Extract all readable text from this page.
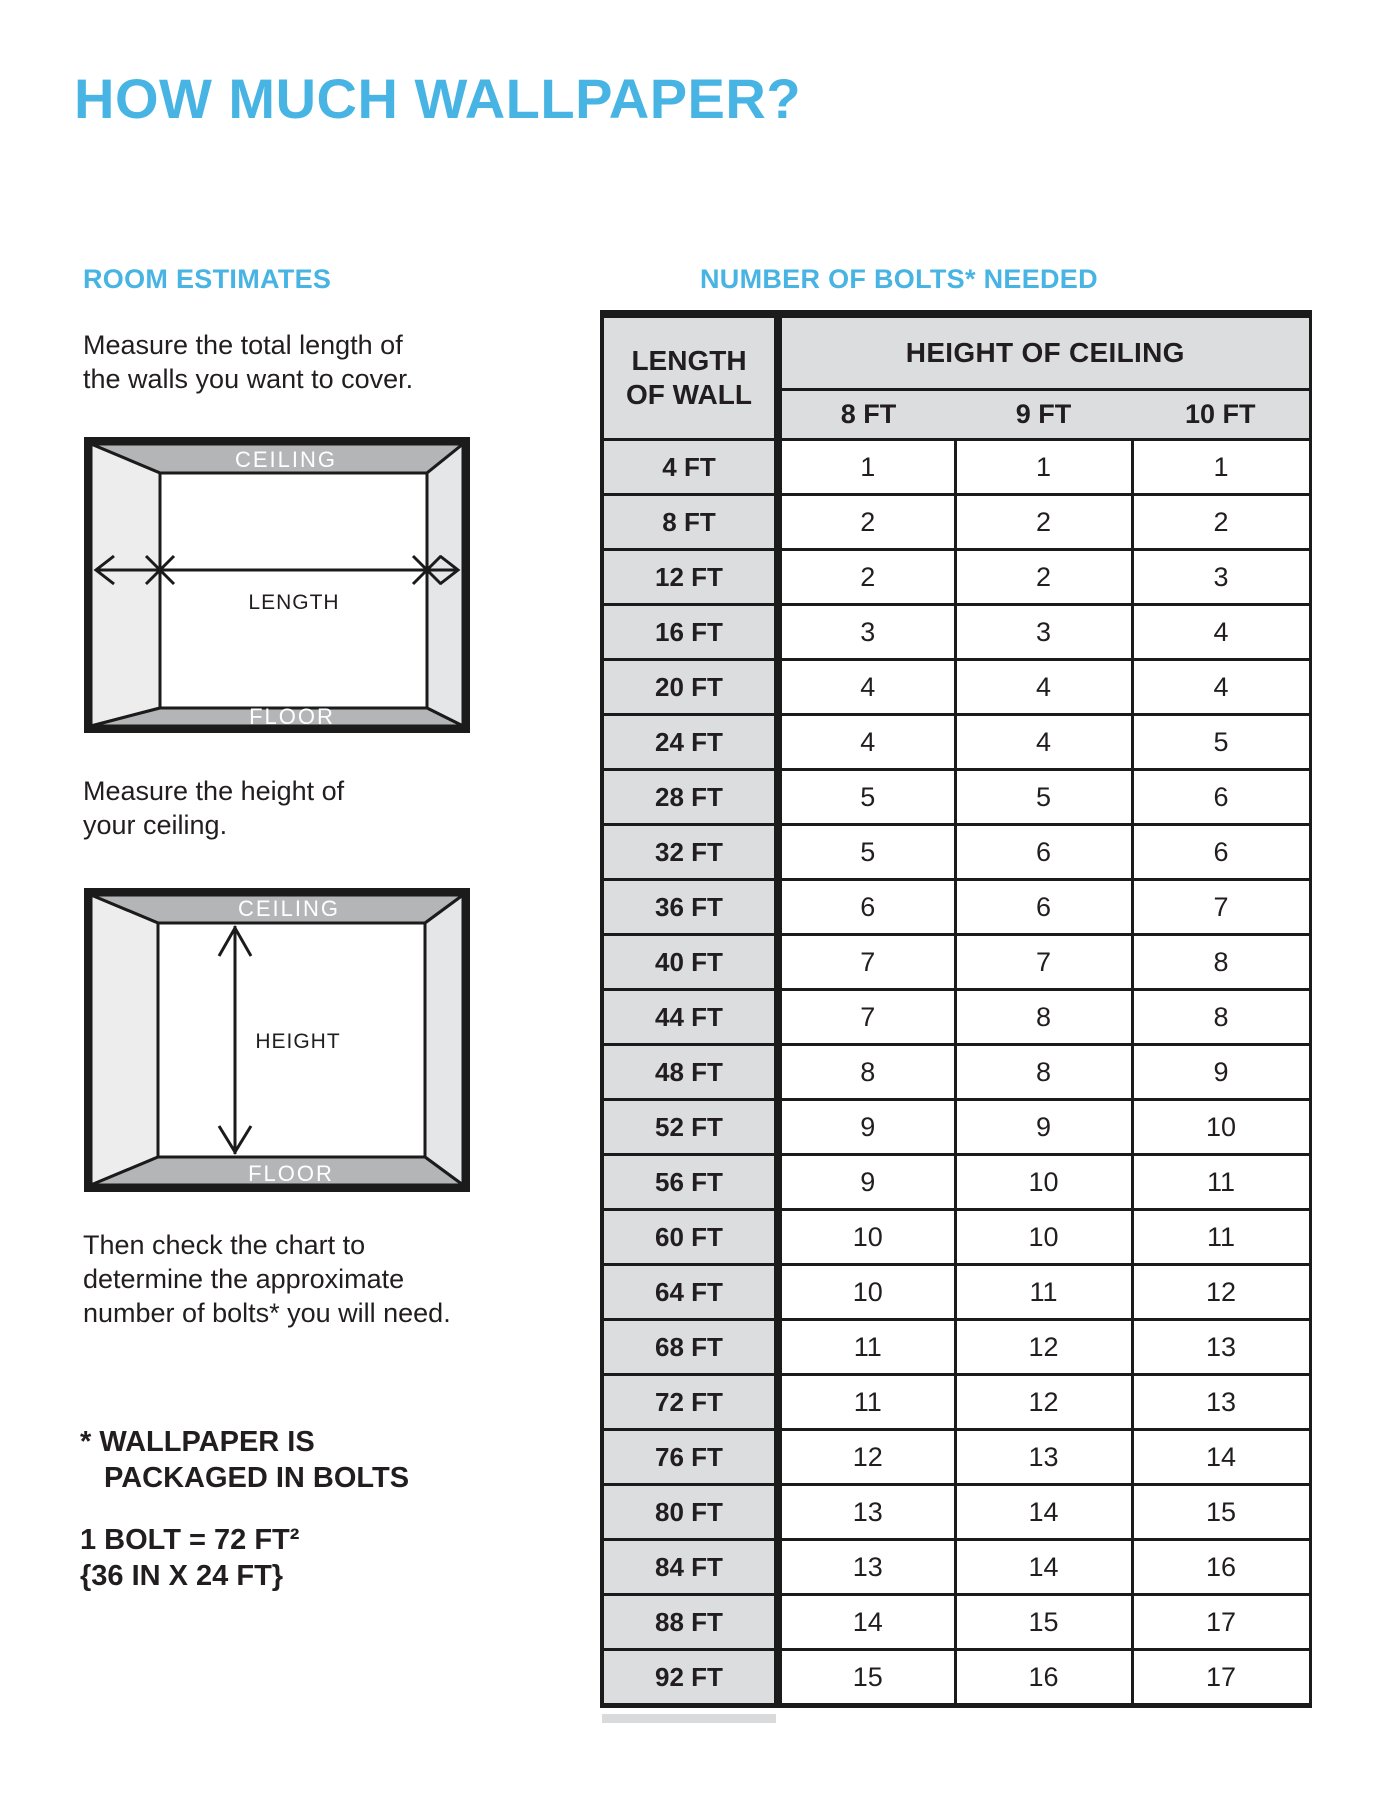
HOW MUCH WALLPAPER?
ROOM ESTIMATES
Measure the total length of
the walls you want to cover.
CEILING
LENGTH
FLOOR
Measure the height of
your ceiling.
CEILING
HEIGHT
FLOOR
Then check the chart to
determine the approximate
number of bolts* you will need.
* WALLPAPER IS
PACKAGED IN BOLTS
1 BOLT = 72 FT²
{36 IN X 24 FT}
NUMBER OF BOLTS* NEEDED
LENGTH
OF WALL	HEIGHT OF CEILING		
	8 FT	9 FT	10 FT
4 FT	1	1	1
8 FT	2	2	2
12 FT	2	2	3
16 FT	3	3	4
20 FT	4	4	4
24 FT	4	4	5
28 FT	5	5	6
32 FT	5	6	6
36 FT	6	6	7
40 FT	7	7	8
44 FT	7	8	8
48 FT	8	8	9
52 FT	9	9	10
56 FT	9	10	11
60 FT	10	10	11
64 FT	10	11	12
68 FT	11	12	13
72 FT	11	12	13
76 FT	12	13	14
80 FT	13	14	15
84 FT	13	14	16
88 FT	14	15	17
92 FT	15	16	17
